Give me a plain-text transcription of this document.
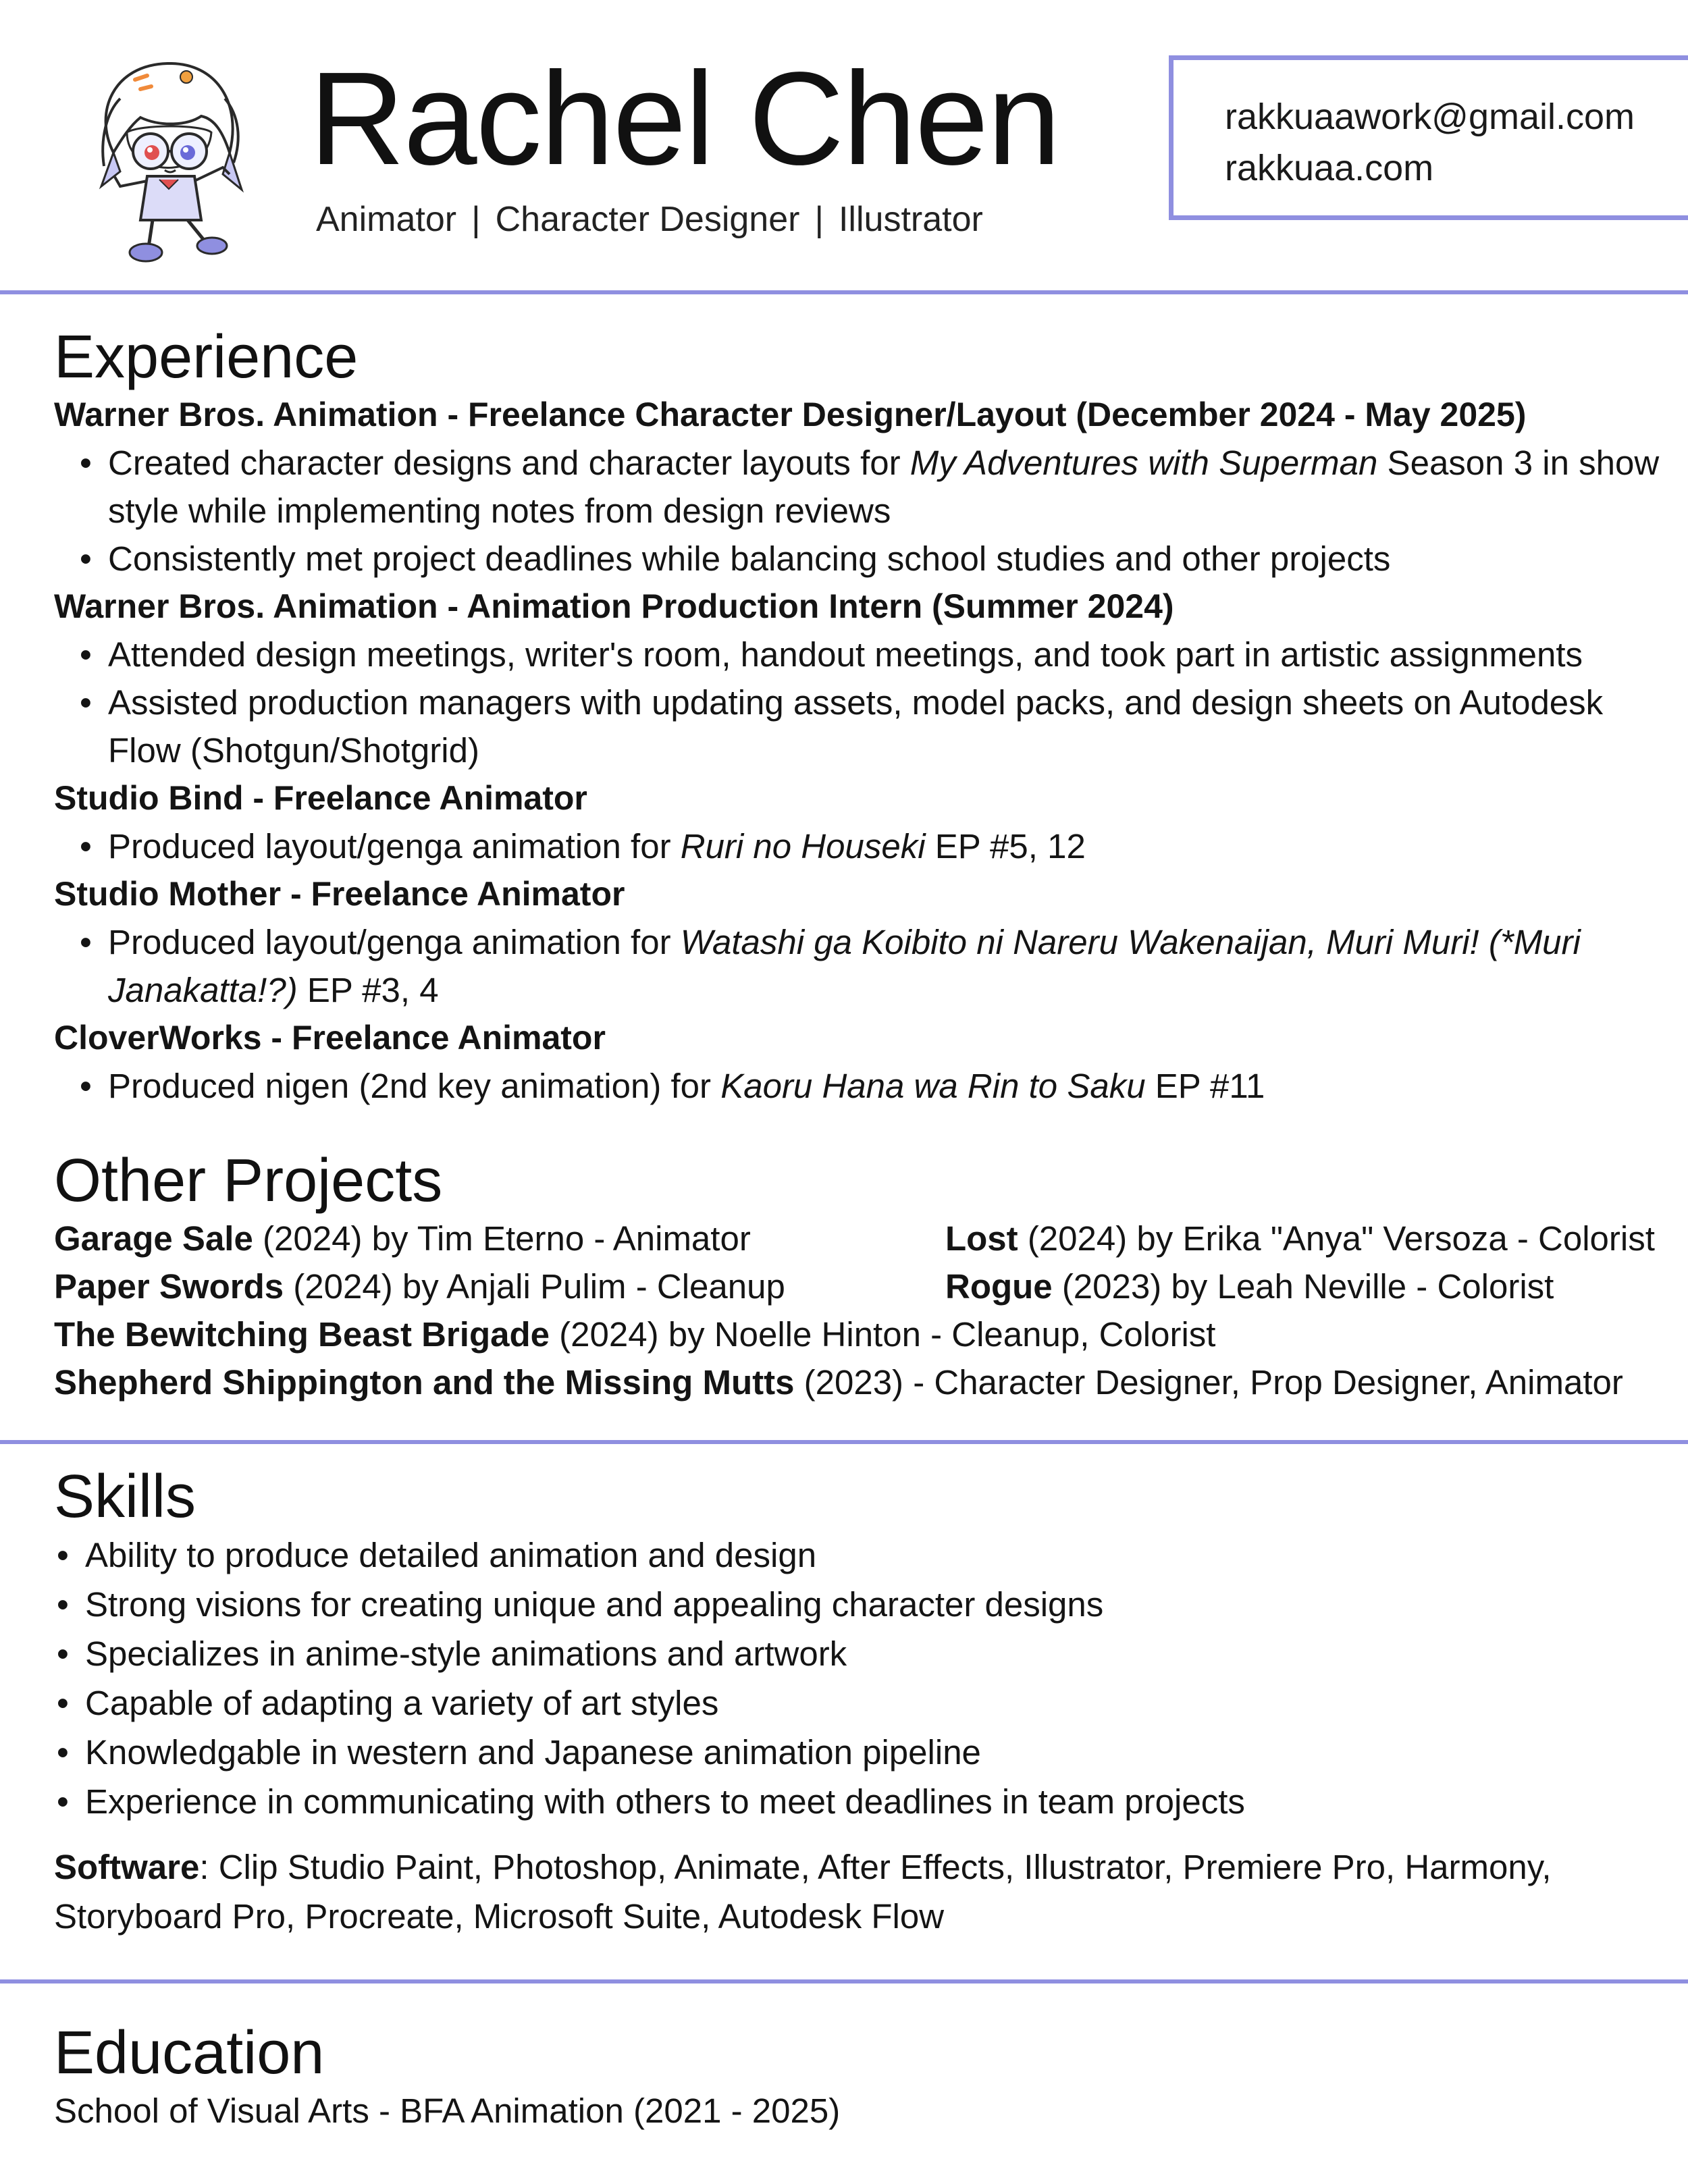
Rachel Chen
Animator | Character Designer | Illustrator
rakkuaawork@gmail.com
rakkuaa.com
Experience
Warner Bros. Animation - Freelance Character Designer/Layout (December 2024 - May 2025)
• Created character designs and character layouts for My Adventures with Superman Season 3 in show style while implementing notes from design reviews
• Consistently met project deadlines while balancing school studies and other projects
Warner Bros. Animation - Animation Production Intern (Summer 2024)
• Attended design meetings, writer's room, handout meetings, and took part in artistic assignments
• Assisted production managers with updating assets, model packs, and design sheets on Autodesk Flow (Shotgun/Shotgrid)
Studio Bind - Freelance Animator
• Produced layout/genga animation for Ruri no Houseki EP #5, 12
Studio Mother - Freelance Animator
• Produced layout/genga animation for Watashi ga Koibito ni Nareru Wakenaijan, Muri Muri! (*Muri Janakatta!?) EP #3, 4
CloverWorks - Freelance Animator
• Produced nigen (2nd key animation) for Kaoru Hana wa Rin to Saku EP #11
Other Projects
Garage Sale (2024) by Tim Eterno - Animator	Lost (2024) by Erika "Anya" Versoza - Colorist
Paper Swords (2024) by Anjali Pulim - Cleanup	Rogue (2023) by Leah Neville - Colorist
The Bewitching Beast Brigade (2024) by Noelle Hinton - Cleanup, Colorist
Shepherd Shippington and the Missing Mutts (2023) - Character Designer, Prop Designer, Animator
Skills
• Ability to produce detailed animation and design
• Strong visions for creating unique and appealing character designs
• Specializes in anime-style animations and artwork
• Capable of adapting a variety of art styles
• Knowledgable in western and Japanese animation pipeline
• Experience in communicating with others to meet deadlines in team projects
Software: Clip Studio Paint, Photoshop, Animate, After Effects, Illustrator, Premiere Pro, Harmony, Storyboard Pro, Procreate, Microsoft Suite, Autodesk Flow
Education
School of Visual Arts - BFA Animation (2021 - 2025)
